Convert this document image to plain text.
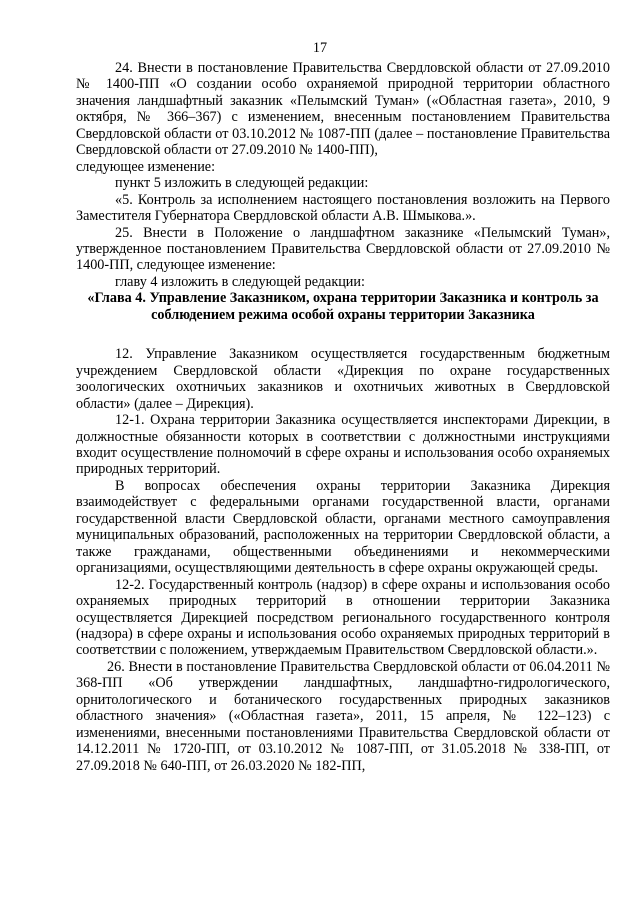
17

24. Внести в постановление Правительства Свердловской области от 27.09.2010 № 1400-ПП «О создании особо охраняемой природной территории областного значения ландшафтный заказник «Пелымский Туман» («Областная газета», 2010, 9 октября, № 366–367) с изменением, внесенным постановлением Правительства Свердловской области от 03.10.2012 № 1087-ПП (далее – постановление Правительства Свердловской области от 27.09.2010 № 1400-ПП),

следующее изменение:

пункт 5 изложить в следующей редакции:

«5. Контроль за исполнением настоящего постановления возложить на Первого Заместителя Губернатора Свердловской области А.В. Шмыкова.».

25. Внести в Положение о ландшафтном заказнике «Пелымский Туман», утвержденное постановлением Правительства Свердловской области от 27.09.2010 № 1400-ПП, следующее изменение:

главу 4 изложить в следующей редакции:

«Глава 4. Управление Заказником, охрана территории Заказника и контроль за соблюдением режима особой охраны территории Заказника

12. Управление Заказником осуществляется государственным бюджетным учреждением Свердловской области «Дирекция по охране государственных зоологических охотничьих заказников и охотничьих животных в Свердловской области» (далее – Дирекция).

12-1. Охрана территории Заказника осуществляется инспекторами Дирекции, в должностные обязанности которых в соответствии с должностными инструкциями входит осуществление полномочий в сфере охраны и использования особо охраняемых природных территорий.

В вопросах обеспечения охраны территории Заказника Дирекция взаимодействует с федеральными органами государственной власти, органами государственной власти Свердловской области, органами местного самоуправления муниципальных образований, расположенных на территории Свердловской области, а также гражданами, общественными объединениями и некоммерческими организациями, осуществляющими деятельность в сфере охраны окружающей среды.

12-2. Государственный контроль (надзор) в сфере охраны и использования особо охраняемых природных территорий в отношении территории Заказника осуществляется Дирекцией посредством регионального государственного контроля (надзора) в сфере охраны и использования особо охраняемых природных территорий в соответствии с положением, утверждаемым Правительством Свердловской области.».

26. Внести в постановление Правительства Свердловской области от 06.04.2011 № 368-ПП «Об утверждении ландшафтных, ландшафтно-гидрологического, орнитологического и ботанического государственных природных заказников областного значения» («Областная газета», 2011, 15 апреля, № 122–123) с изменениями, внесенными постановлениями Правительства Свердловской области от 14.12.2011 № 1720-ПП, от 03.10.2012 № 1087-ПП, от 31.05.2018 № 338-ПП, от 27.09.2018 № 640-ПП, от 26.03.2020 № 182-ПП,
